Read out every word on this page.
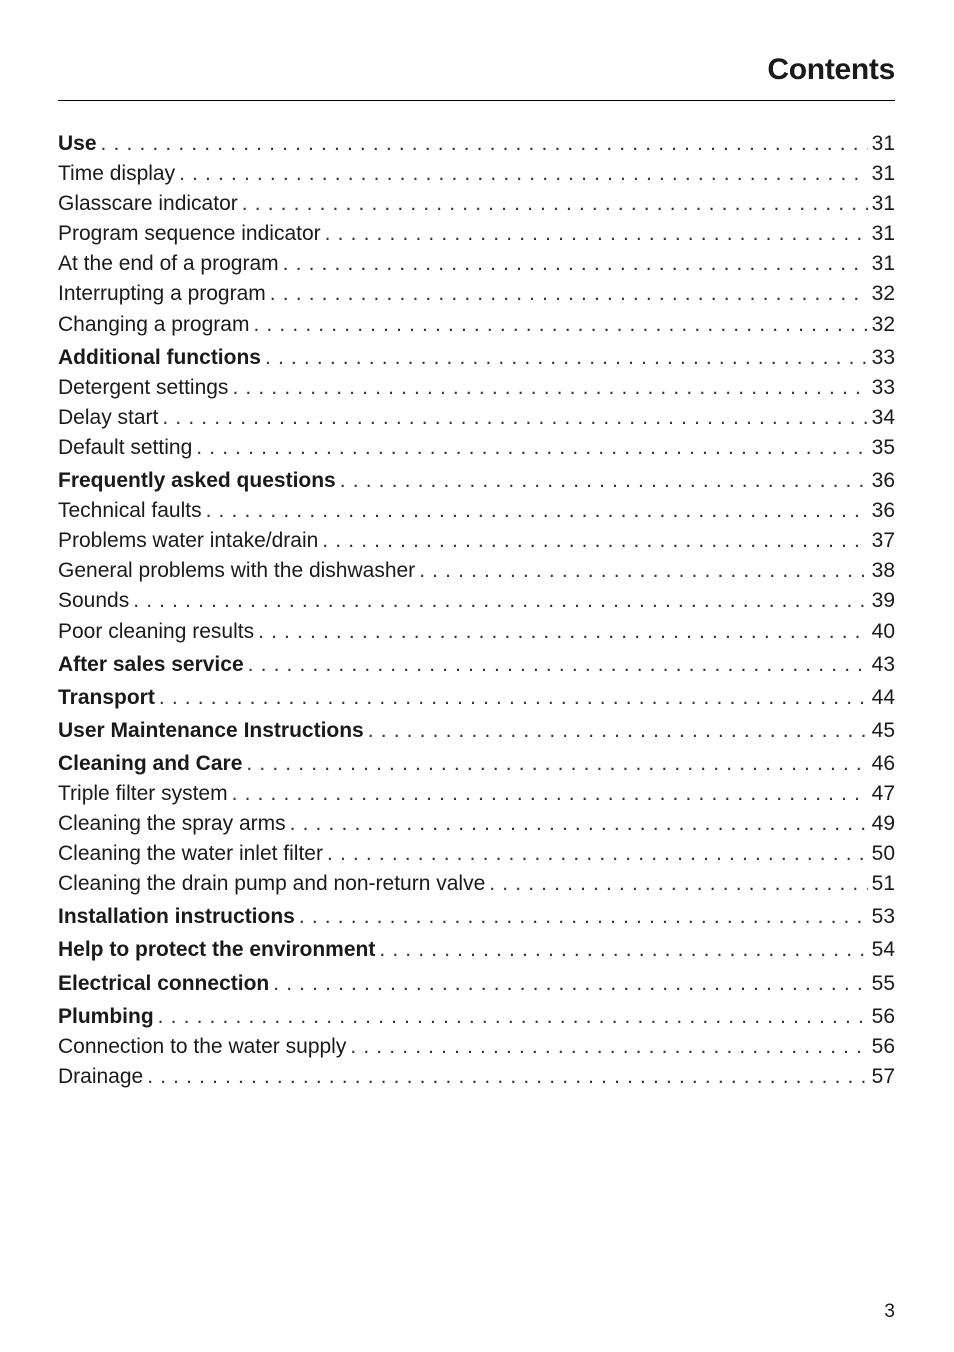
Contents
Use . . .	31
Time display . . .	31
Glasscare indicator . . .	31
Program sequence indicator . . .	31
At the end of a program . . .	31
Interrupting a program . . .	32
Changing a program . . .	32
Additional functions . . .	33
Detergent settings . . .	33
Delay start . . .	34
Default setting . . .	35
Frequently asked questions . . .	36
Technical faults . . .	36
Problems water intake/drain . . .	37
General problems with the dishwasher . . .	38
Sounds . . .	39
Poor cleaning results . . .	40
After sales service . . .	43
Transport . . .	44
User Maintenance Instructions . . .	45
Cleaning and Care . . .	46
Triple filter system . . .	47
Cleaning the spray arms . . .	49
Cleaning the water inlet filter . . .	50
Cleaning the drain pump and non-return valve . . .	51
Installation instructions . . .	53
Help to protect the environment . . .	54
Electrical connection . . .	55
Plumbing . . .	56
Connection to the water supply . . .	56
Drainage . . .	57
3
